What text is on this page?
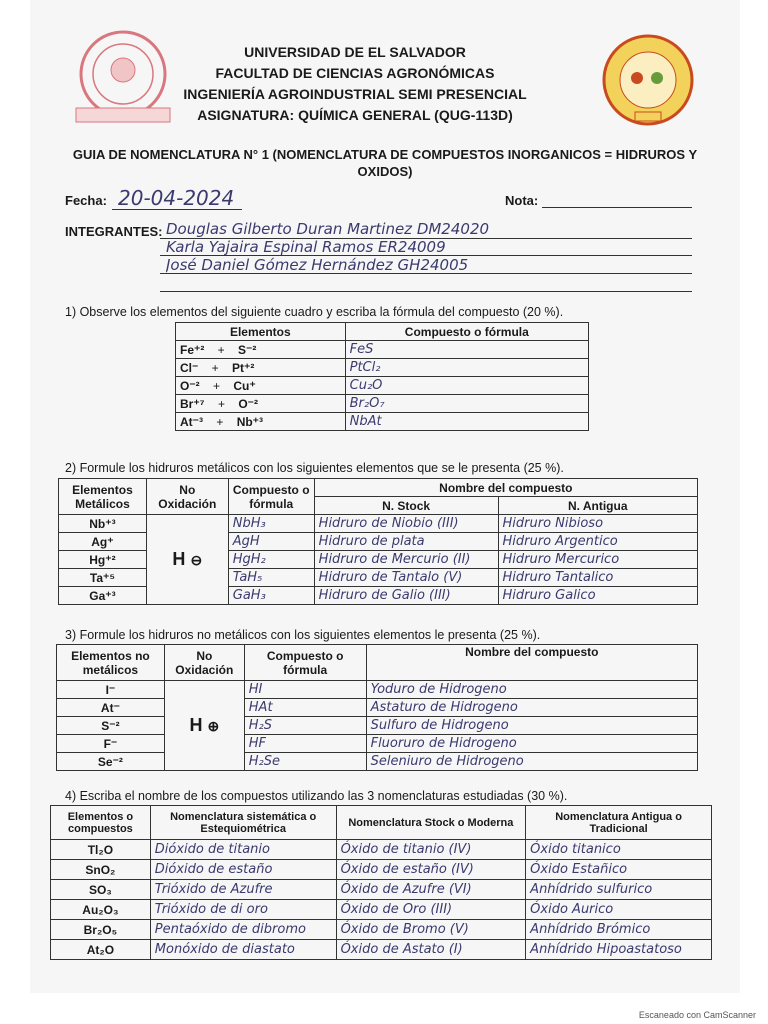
UNIVERSIDAD DE EL SALVADOR
FACULTAD DE CIENCIAS AGRONÓMICAS
INGENIERÍA AGROINDUSTRIAL SEMI PRESENCIAL
ASIGNATURA: QUÍMICA GENERAL (QUG-113D)
GUIA DE NOMENCLATURA N° 1 (NOMENCLATURA DE COMPUESTOS INORGANICOS = HIDRUROS Y OXIDOS)
Fecha: 20-04-2024	Nota:
INTEGRANTES: Douglas Gilberto Duran Martinez DM24020
Karla Yajaira Espinal Ramos ER24009
José Daniel Gómez Hernández GH24005
1) Observe los elementos del siguiente cuadro y escriba la fórmula del compuesto (20 %).
Elementos	Compuesto o fórmula
Fe⁺²    +    S⁻²	FeS
Cl⁻    +    Pt⁺²	PtCl₂
O⁻²    +    Cu⁺	Cu₂O
Br⁺⁷    +    O⁻²	Br₂O₇
At⁻³    +    Nb⁺³	NbAt
2) Formule los hidruros metálicos con los siguientes elementos que se le presenta (25 %).
Elementos Metálicos	No Oxidación	Compuesto o fórmula	Nombre del compuesto	
			N. Stock	N. Antigua
Nb⁺³	H ⊖	NbH₃	Hidruro de Niobio (III)	Hidruro Nibioso
Ag⁺		AgH	Hidruro de plata	Hidruro Argentico
Hg⁺²		HgH₂	Hidruro de Mercurio (II)	Hidruro Mercurico
Ta⁺⁵		TaH₅	Hidruro de Tantalo (V)	Hidruro Tantalico
Ga⁺³		GaH₃	Hidruro de Galio (III)	Hidruro Galico
3) Formule los hidruros no metálicos con los siguientes elementos le presenta (25 %).
Elementos no metálicos	No Oxidación	Compuesto o fórmula	Nombre del compuesto
I⁻	H ⊕	HI	Yoduro de Hidrogeno
At⁻		HAt	Astaturo de Hidrogeno
S⁻²		H₂S	Sulfuro de Hidrogeno
F⁻		HF	Fluoruro de Hidrogeno
Se⁻²		H₂Se	Seleniuro de Hidrogeno
4) Escriba el nombre de los compuestos utilizando las 3 nomenclaturas estudiadas (30 %).
Elementos o compuestos	Nomenclatura sistemática o Estequiométrica	Nomenclatura Stock o Moderna	Nomenclatura Antigua o Tradicional
Tl₂O	Dióxido de titanio	Óxido de titanio (IV)	Óxido titanico
SnO₂	Dióxido de estaño	Óxido de estaño (IV)	Óxido Estañico
SO₃	Trióxido de Azufre	Óxido de Azufre (VI)	Anhídrido sulfurico
Au₂O₃	Trióxido de di oro	Óxido de Oro (III)	Óxido Aurico
Br₂O₅	Pentaóxido de dibromo	Óxido de Bromo (V)	Anhídrido Brómico
At₂O	Monóxido de diastato	Óxido de Astato (I)	Anhídrido Hipoastatoso
Escaneado con CamScanner
